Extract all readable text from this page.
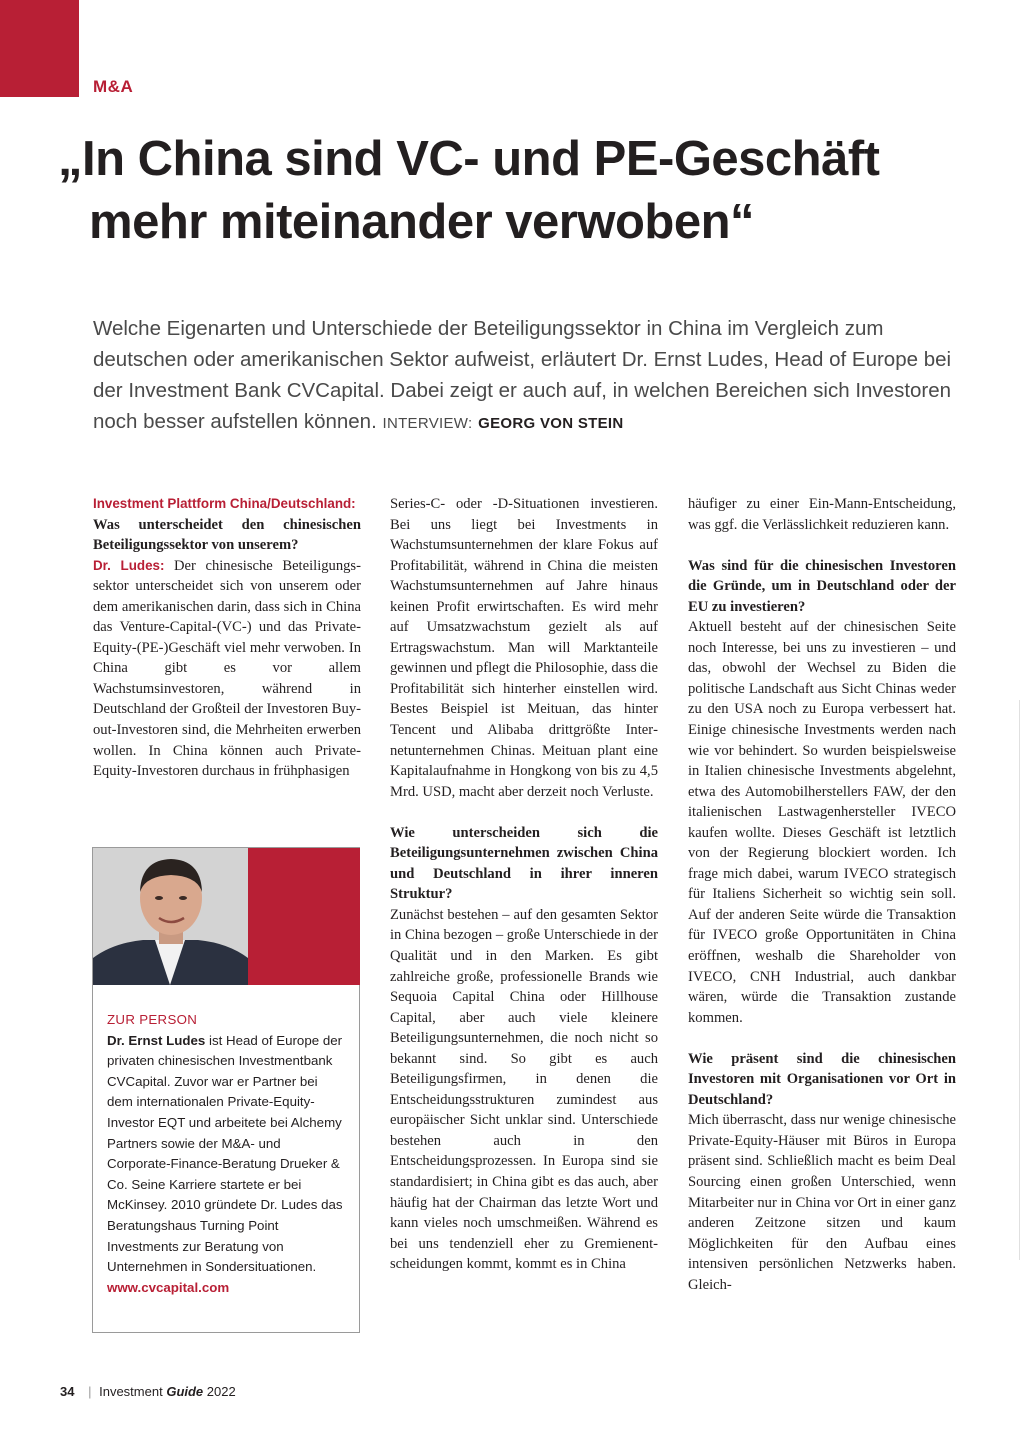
M&A
„In China sind VC- und PE-Geschäft
mehr miteinander verwoben“
Welche Eigenarten und Unterschiede der Beteiligungssektor in China im Vergleich zum deutschen oder amerikanischen Sektor aufweist, erläutert Dr. Ernst Ludes, Head of Europe bei der Investment Bank CVCapital. Dabei zeigt er auch auf, in welchen Bereichen sich Investoren noch besser aufstellen können. INTERVIEW: GEORG VON STEIN

Investment Plattform China/Deutschland:
Was unterscheidet den chinesischen Beteiligungssektor von unserem?
Dr. Ludes: Der chinesische Beteiligungssektor unterscheidet sich von unserem oder dem amerikanischen darin, dass sich in China das Venture-Capital-(VC-) und das Private-Equity-(PE-)Geschäft viel mehr verwoben. In China gibt es vor allem Wachstumsinvestoren, während in Deutschland der Großteil der Investoren Buy-out-Investoren sind, die Mehrheiten erwerben wollen. In China können auch Private-Equity-Investoren durchaus in frühphasigen

ZUR PERSON
Dr. Ernst Ludes ist Head of Europe der privaten chinesischen Investmentbank CVCapital. Zuvor war er Partner bei dem internationalen Private-Equity-Investor EQT und arbeitete bei Alchemy Partners sowie der M&A- und Corporate-Finance-Beratung Drueker & Co. Seine Karriere startete er bei McKinsey. 2010 gründete Dr. Ludes das Beratungshaus Turning Point Investments zur Beratung von Unternehmen in Sondersituationen.
www.cvcapital.com

Series-C- oder -D-Situationen investieren. Bei uns liegt bei Investments in Wachstumsunternehmen der klare Fokus auf Profitabilität, während in China die meisten Wachstumsunternehmen auf Jahre hinaus keinen Profit erwirtschaften. Es wird mehr auf Umsatzwachstum gezielt als auf Ertragswachstum. Man will Marktanteile gewinnen und pflegt die Philosophie, dass die Profitabilität sich hinterher einstellen wird. Bestes Beispiel ist Meituan, das hinter Tencent und Alibaba drittgrößte Internetunternehmen Chinas. Meituan plant eine Kapitalaufnahme in Hongkong von bis zu 4,5 Mrd. USD, macht aber derzeit noch Verluste.

Wie unterscheiden sich die Beteiligungsunternehmen zwischen China und Deutschland in ihrer inneren Struktur?

Zunächst bestehen – auf den gesamten Sektor in China bezogen – große Unterschiede in der Qualität und in den Marken. Es gibt zahlreiche große, professionelle Brands wie Sequoia Capital China oder Hillhouse Capital, aber auch viele kleinere Beteiligungsunternehmen, die noch nicht so bekannt sind. So gibt es auch Beteiligungsfirmen, in denen die Entscheidungsstrukturen zumindest aus europäischer Sicht unklar sind. Unterschiede bestehen auch in den Entscheidungsprozessen. In Europa sind sie standardisiert; in China gibt es das auch, aber häufig hat der Chairman das letzte Wort und kann vieles noch umschmeißen. Während es bei uns tendenziell eher zu Gremienentscheidungen kommt, kommt es in China

häufiger zu einer Ein-Mann-Entscheidung, was ggf. die Verlässlichkeit reduzieren kann.

Was sind für die chinesischen Investoren die Gründe, um in Deutschland oder der EU zu investieren?

Aktuell besteht auf der chinesischen Seite noch Interesse, bei uns zu investieren – und das, obwohl der Wechsel zu Biden die politische Landschaft aus Sicht Chinas weder zu den USA noch zu Europa verbessert hat. Einige chinesische Investments werden nach wie vor behindert. So wurden beispielsweise in Italien chinesische Investments abgelehnt, etwa des Automobilherstellers FAW, der den italienischen Lastwagenhersteller IVECO kaufen wollte. Dieses Geschäft ist letztlich von der Regierung blockiert worden. Ich frage mich dabei, warum IVECO strategisch für Italiens Sicherheit so wichtig sein soll. Auf der anderen Seite würde die Transaktion für IVECO große Opportunitäten in China eröffnen, weshalb die Shareholder von IVECO, CNH Industrial, auch dankbar wären, würde die Transaktion zustande kommen.

Wie präsent sind die chinesischen Investoren mit Organisationen vor Ort in Deutschland?

Mich überrascht, dass nur wenige chinesische Private-Equity-Häuser mit Büros in Europa präsent sind. Schließlich macht es beim Deal Sourcing einen großen Unterschied, wenn Mitarbeiter nur in China vor Ort in einer ganz anderen Zeitzone sitzen und kaum Möglichkeiten für den Aufbau eines intensiven persönlichen Netzwerks haben. Gleich-

34 | Investment Guide 2022
